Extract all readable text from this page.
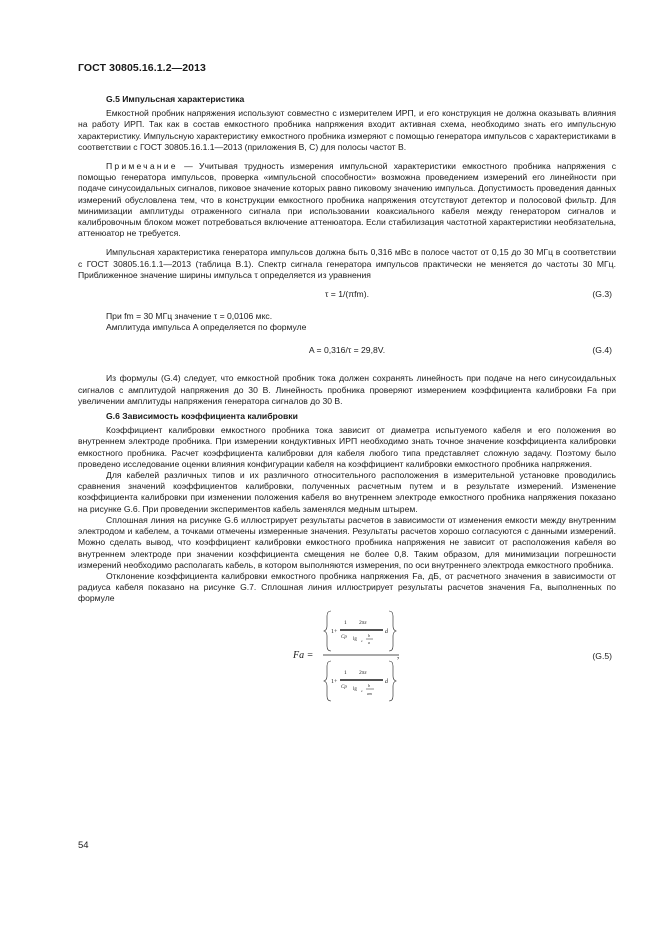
ГОСТ 30805.16.1.2—2013
G.5 Импульсная характеристика

Емкостной пробник напряжения используют совместно с измерителем ИРП, и его конструкция не должна оказывать влияния на работу ИРП. Так как в состав емкостного пробника напряжения входит активная схема, необходимо знать его импульсную характеристику. Импульсную характеристику емкостного пробника измеряют с помощью генератора импульсов с характеристиками в соответствии с ГОСТ 30805.16.1.1—2013 (приложения В, С) для полосы частот В.

Примечание — Учитывая трудность измерения импульсной характеристики емкостного пробника напряжения с помощью генератора импульсов, проверка «импульсной способности» возможна проведением измерений его линейности при подаче синусоидальных сигналов, пиковое значение которых равно пиковому значению импульса. Допустимость проведения данных измерений обусловлена тем, что в конструкции емкостного пробника напряжения отсутствуют детектор и полосовой фильтр. Для минимизации амплитуды отраженного сигнала при использовании коаксиального кабеля между генератором сигналов и калибровочным блоком может потребоваться включение аттенюатора. Если стабилизация частотной характеристики необязательна, аттенюатор не требуется.

Импульсная характеристика генератора импульсов должна быть 0,316 мВс в полосе частот от 0,15 до 30 МГц в соответствии с ГОСТ 30805.16.1.1—2013 (таблица В.1). Спектр сигнала генератора импульсов практически не меняется до частоты 30 МГц. Приближенное значение ширины импульса τ определяется из уравнения

τ = 1/(πfm).	(G.3)

При fm = 30 МГц значение τ = 0,0106 мкс.

Амплитуда импульса A определяется по формуле

A = 0,316/τ = 29,8V.	(G.4)

Из формулы (G.4) следует, что емкостной пробник тока должен сохранять линейность при подаче на него синусоидальных сигналов с амплитудой напряжения до 30 В. Линейность пробника проверяют измерением коэффициента калибровки Fa при увеличении амплитуды напряжения генератора сигналов до 30 В.

G.6 Зависимость коэффициента калибровки

Коэффициент калибровки емкостного пробника тока зависит от диаметра испытуемого кабеля и его положения во внутреннем электроде пробника. При измерении кондуктивных ИРП необходимо знать точное значение коэффициента калибровки емкостного пробника. Расчет коэффициента калибровки для кабеля любого типа представляет сложную задачу. Поэтому было проведено исследование оценки влияния конфигурации кабеля на коэффициент калибровки емкостного пробника напряжения.

Для кабелей различных типов и их различного относительного расположения в измерительной установке проводились сравнения значений коэффициентов калибровки, полученных расчетным путем и в результате измерений. Изменение коэффициента калибровки при изменении положения кабеля во внутреннем электроде емкостного пробника напряжения показано на рисунке G.6. При проведении экспериментов кабель заменялся медным штырем.

Сплошная линия на рисунке G.6 иллюстрирует результаты расчетов в зависимости от изменения емкости между внутренним электродом и кабелем, а точками отмечены измеренные значения. Результаты расчетов хорошо согласуются с данными измерений. Можно сделать вывод, что коэффициент калибровки емкостного пробника напряжения не зависит от расположения кабеля во внутреннем электроде при значении коэффициента смещения не более 0,8. Таким образом, для минимизации погрешности измерений необходимо располагать кабель, в котором выполняются измерения, по оси внутреннего электрода емкостного пробника.

Отклонение коэффициента калибровки емкостного пробника напряжения Fa, дБ, от расчетного значения в зависимости от радиуса кабеля показано на рисунке G.7. Сплошная линия иллюстрирует результаты расчетов значения Fa, выполненных по формуле

Fa =	,
1+
1 2πε
d
Cp lg e
b
a
1+
1 2πε
d
Cp lg e
b
am
(G.5)
54
